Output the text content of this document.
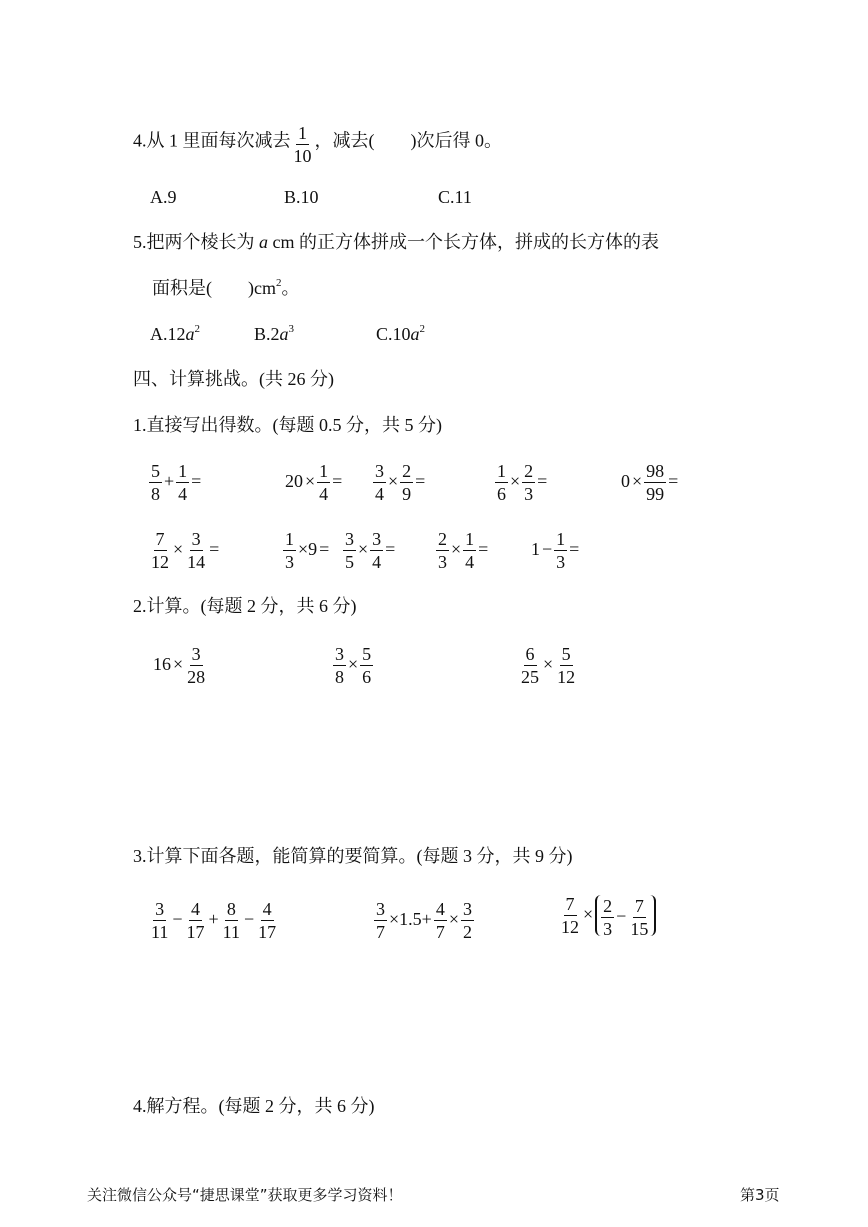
4.从 1 里面每次减去 $\frac{1}{10}$ ，减去(　　)次后得 0。
A.9	B.10	C.11
5.把两个棱长为 a cm 的正方体拼成一个长方体，拼成的长方体的表
面积是(　　)$cm^2$。
$A.12a^2$	$B.2a^3$	$C.10a^2$
四、计算挑战。(共 26 分)
1.直接写出得数。(每题 0.5 分，共 5 分)
$\frac{5}{8} + \frac{1}{4}$ =	$20 \times \frac{1}{4} = \frac{3}{4} \times \frac{2}{9}$ =	$\frac{1}{6} \times \frac{2}{3}$ =	$0 \times \frac{98}{99}$ =
$\frac{7}{12} \times \frac{3}{14}$ =	$\frac{1}{3} \times 9 = \frac{3}{5} \times \frac{3}{4} = \frac{2}{3} \times \frac{1}{4} = 1 - \frac{1}{3}$ =
2.计算。(每题 2 分，共 6 分)
$16 \times \frac{3}{28}$	$\frac{3}{8} \times \frac{5}{6}$	$\frac{6}{25} \times \frac{5}{12}$
3.计算下面各题，能简算的要简算。(每题 3 分，共 9 分)
$\frac{3}{11} - \frac{4}{17} + \frac{8}{11} - \frac{4}{17}$	$\frac{3}{7} \times 1.5+ \frac{4}{7} \times \frac{3}{2}$	$\frac{7}{12} \times \frac{2}{3} - \frac{7}{15}$
4.解方程。(每题 2 分，共 6 分)
关注微信公众号“捷思课堂”获取更多学习资料！	第3页
